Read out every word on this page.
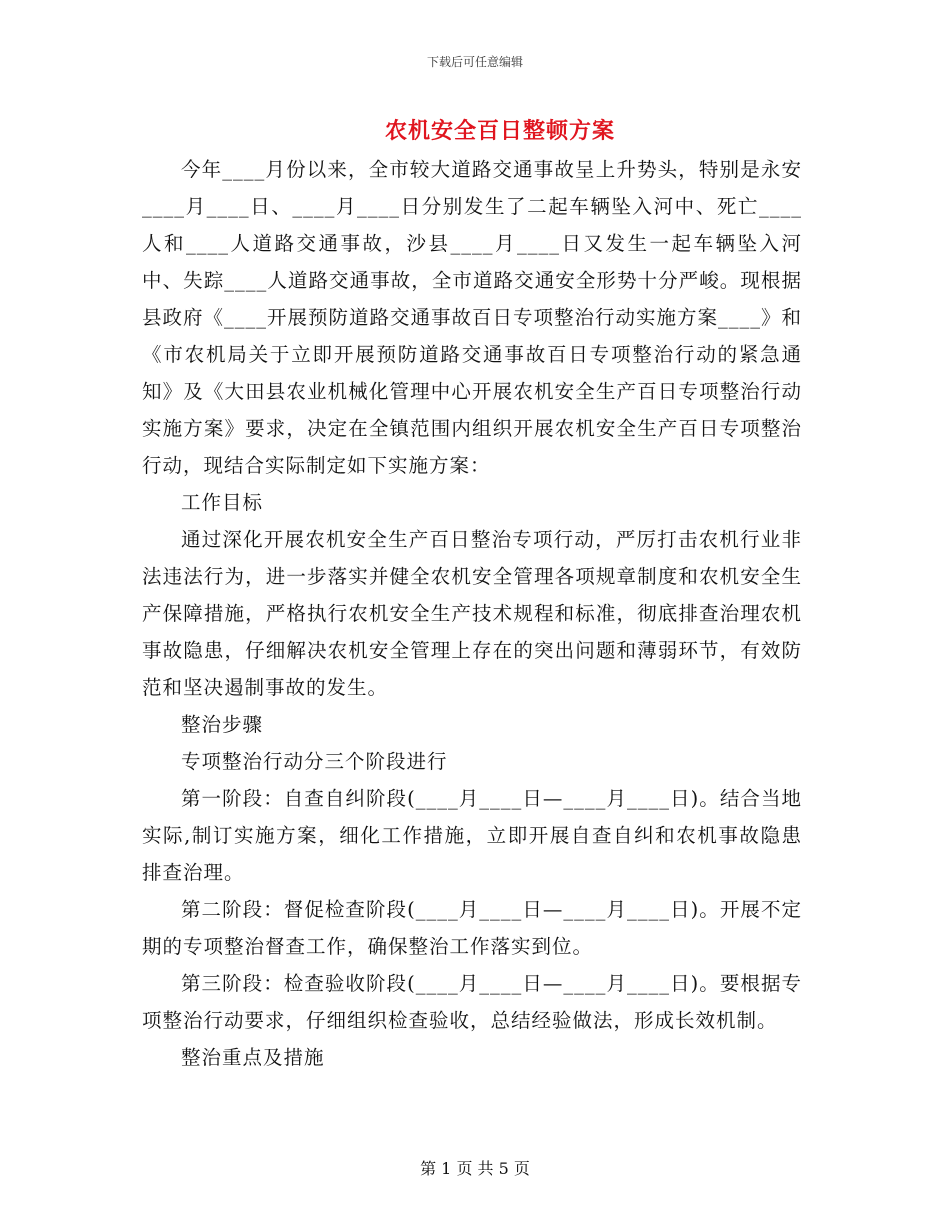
下载后可任意编辑
农机安全百日整顿方案

今年____月份以来，全市较大道路交通事故呈上升势头，特别是永安____月____日、____月____日分别发生了二起车辆坠入河中、死亡____人和____人道路交通事故，沙县____月____日又发生一起车辆坠入河中、失踪____人道路交通事故，全市道路交通安全形势十分严峻。现根据县政府《____开展预防道路交通事故百日专项整治行动实施方案____》和《市农机局关于立即开展预防道路交通事故百日专项整治行动的紧急通知》及《大田县农业机械化管理中心开展农机安全生产百日专项整治行动实施方案》要求，决定在全镇范围内组织开展农机安全生产百日专项整治行动，现结合实际制定如下实施方案：

工作目标

通过深化开展农机安全生产百日整治专项行动，严厉打击农机行业非法违法行为，进一步落实并健全农机安全管理各项规章制度和农机安全生产保障措施，严格执行农机安全生产技术规程和标准，彻底排查治理农机事故隐患，仔细解决农机安全管理上存在的突出问题和薄弱环节，有效防范和坚决遏制事故的发生。

整治步骤

专项整治行动分三个阶段进行

第一阶段：自查自纠阶段(____月____日—____月____日)。结合当地实际,制订实施方案，细化工作措施，立即开展自查自纠和农机事故隐患排查治理。

第二阶段：督促检查阶段(____月____日—____月____日)。开展不定期的专项整治督查工作，确保整治工作落实到位。

第三阶段：检查验收阶段(____月____日—____月____日)。要根据专项整治行动要求，仔细组织检查验收，总结经验做法，形成长效机制。

整治重点及措施

第 1 页 共 5 页
